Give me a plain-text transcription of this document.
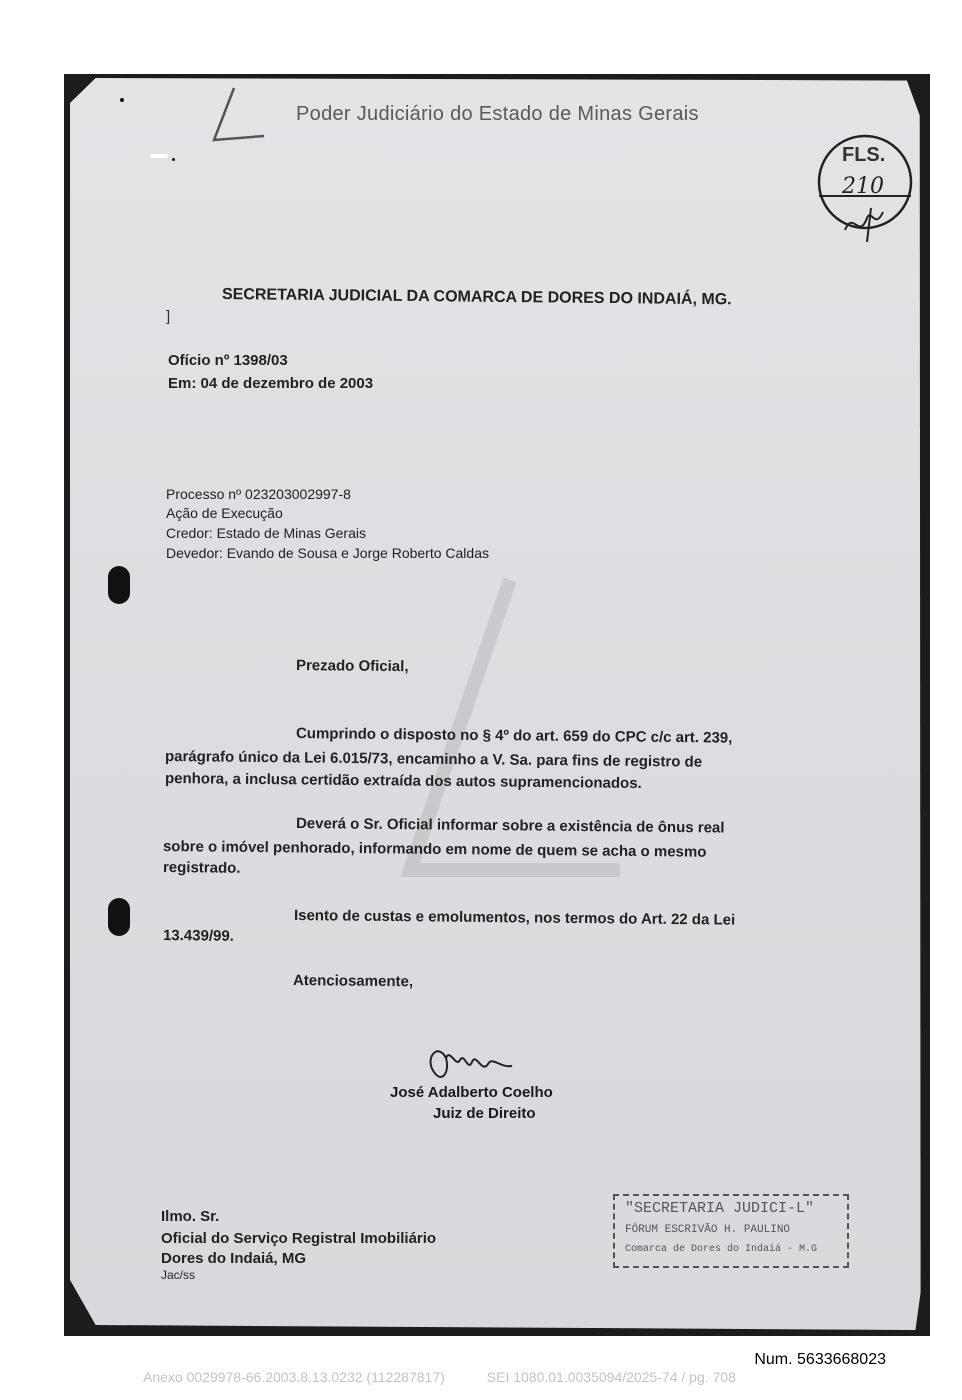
Poder Judiciário do Estado de Minas Gerais
FLS.
210
SECRETARIA JUDICIAL DA COMARCA DE DORES DO INDAIÁ, MG.
]
Ofício nº 1398/03
Em: 04 de dezembro de 2003
Processo nº 023203002997-8
Ação de Execução
Credor: Estado de Minas Gerais
Devedor: Evando de Sousa e Jorge Roberto Caldas
Prezado Oficial,
Cumprindo o disposto no § 4º do art. 659 do CPC c/c art. 239,
parágrafo único da Lei 6.015/73, encaminho a V. Sa. para fins de registro de
penhora, a inclusa certidão extraída dos autos supramencionados.
Deverá o Sr. Oficial informar sobre a existência de ônus real
sobre o imóvel penhorado, informando em nome de quem se acha o mesmo
registrado.
Isento de custas e emolumentos, nos termos do Art. 22 da Lei
13.439/99.
Atenciosamente,
José Adalberto Coelho
Juiz de Direito
Ilmo. Sr.
Oficial do Serviço Registral Imobiliário
Dores do Indaiá, MG
Jac/ss
"SECRETARIA JUDICI-L"
FÓRUM ESCRIVÃO H. PAULINO
Comarca de Dores do Indaiá - M.G
Num. 5633668023
Anexo 0029978-66.2003.8.13.0232 (112287817)	SEI 1080.01.0035094/2025-74 / pg. 708
